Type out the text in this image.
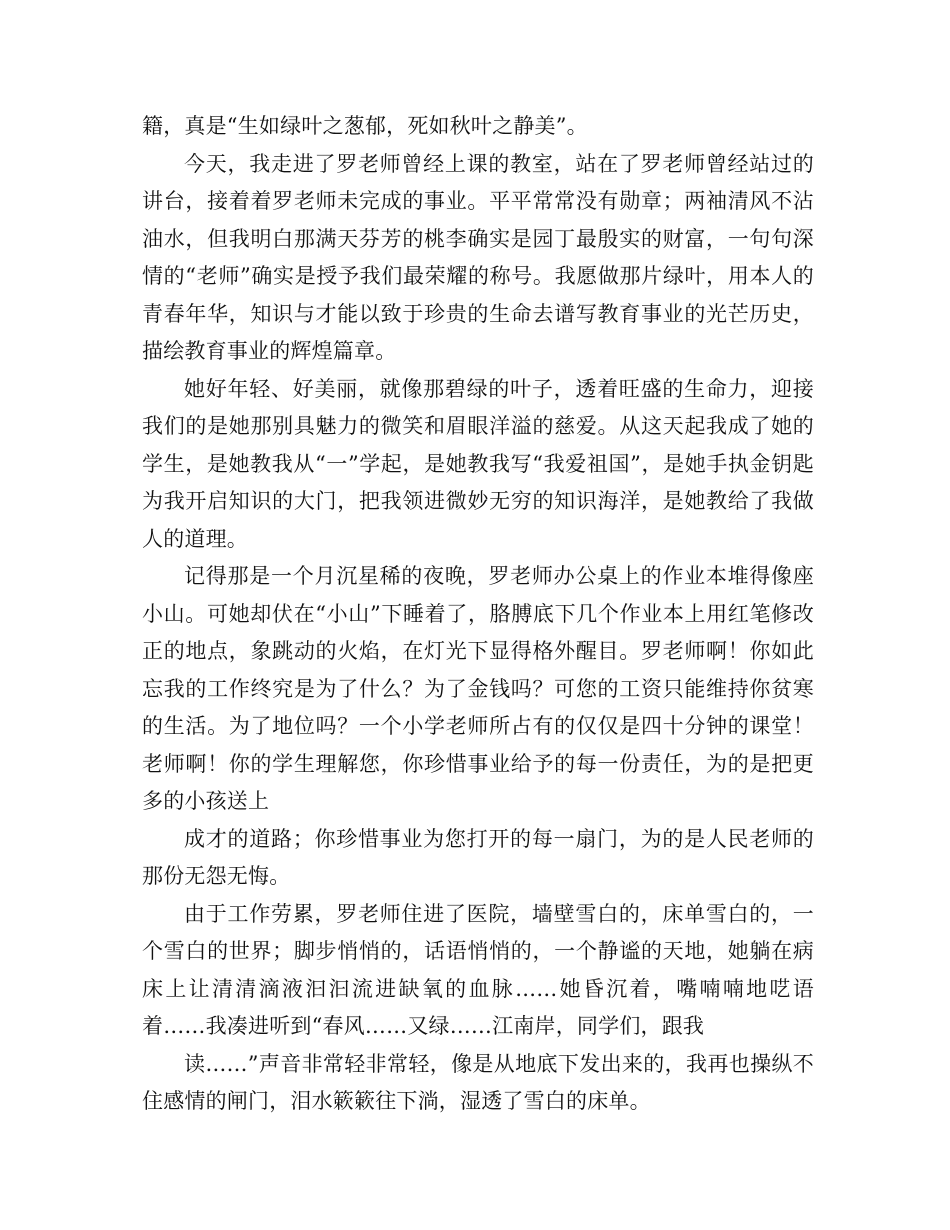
籍，真是“生如绿叶之葱郁，死如秋叶之静美”。

今天，我走进了罗老师曾经上课的教室，站在了罗老师曾经站过的讲台，接着着罗老师未完成的事业。平平常常没有勋章；两袖清风不沾油水，但我明白那满天芬芳的桃李确实是园丁最殷实的财富，一句句深情的“老师”确实是授予我们最荣耀的称号。我愿做那片绿叶，用本人的青春年华，知识与才能以致于珍贵的生命去谱写教育事业的光芒历史，描绘教育事业的辉煌篇章。

她好年轻、好美丽，就像那碧绿的叶子，透着旺盛的生命力，迎接我们的是她那别具魅力的微笑和眉眼洋溢的慈爱。从这天起我成了她的学生，是她教我从“一”学起，是她教我写“我爱祖国”，是她手执金钥匙为我开启知识的大门，把我领进微妙无穷的知识海洋，是她教给了我做人的道理。

记得那是一个月沉星稀的夜晚，罗老师办公桌上的作业本堆得像座小山。可她却伏在“小山”下睡着了，胳膊底下几个作业本上用红笔修改正的地点，象跳动的火焰，在灯光下显得格外醒目。罗老师啊！你如此忘我的工作终究是为了什么？为了金钱吗？可您的工资只能维持你贫寒的生活。为了地位吗？一个小学老师所占有的仅仅是四十分钟的课堂！老师啊！你的学生理解您，你珍惜事业给予的每一份责任，为的是把更多的小孩送上

成才的道路；你珍惜事业为您打开的每一扇门，为的是人民老师的那份无怨无悔。

由于工作劳累，罗老师住进了医院，墙壁雪白的，床单雪白的，一个雪白的世界；脚步悄悄的，话语悄悄的，一个静谧的天地，她躺在病床上让清清滴液汩汩流进缺氧的血脉……她昏沉着，嘴喃喃地呓语着……我凑进听到“春风……又绿……江南岸，同学们，跟我

读……”声音非常轻非常轻，像是从地底下发出来的，我再也操纵不住感情的闸门，泪水簌簌往下淌，湿透了雪白的床单。
